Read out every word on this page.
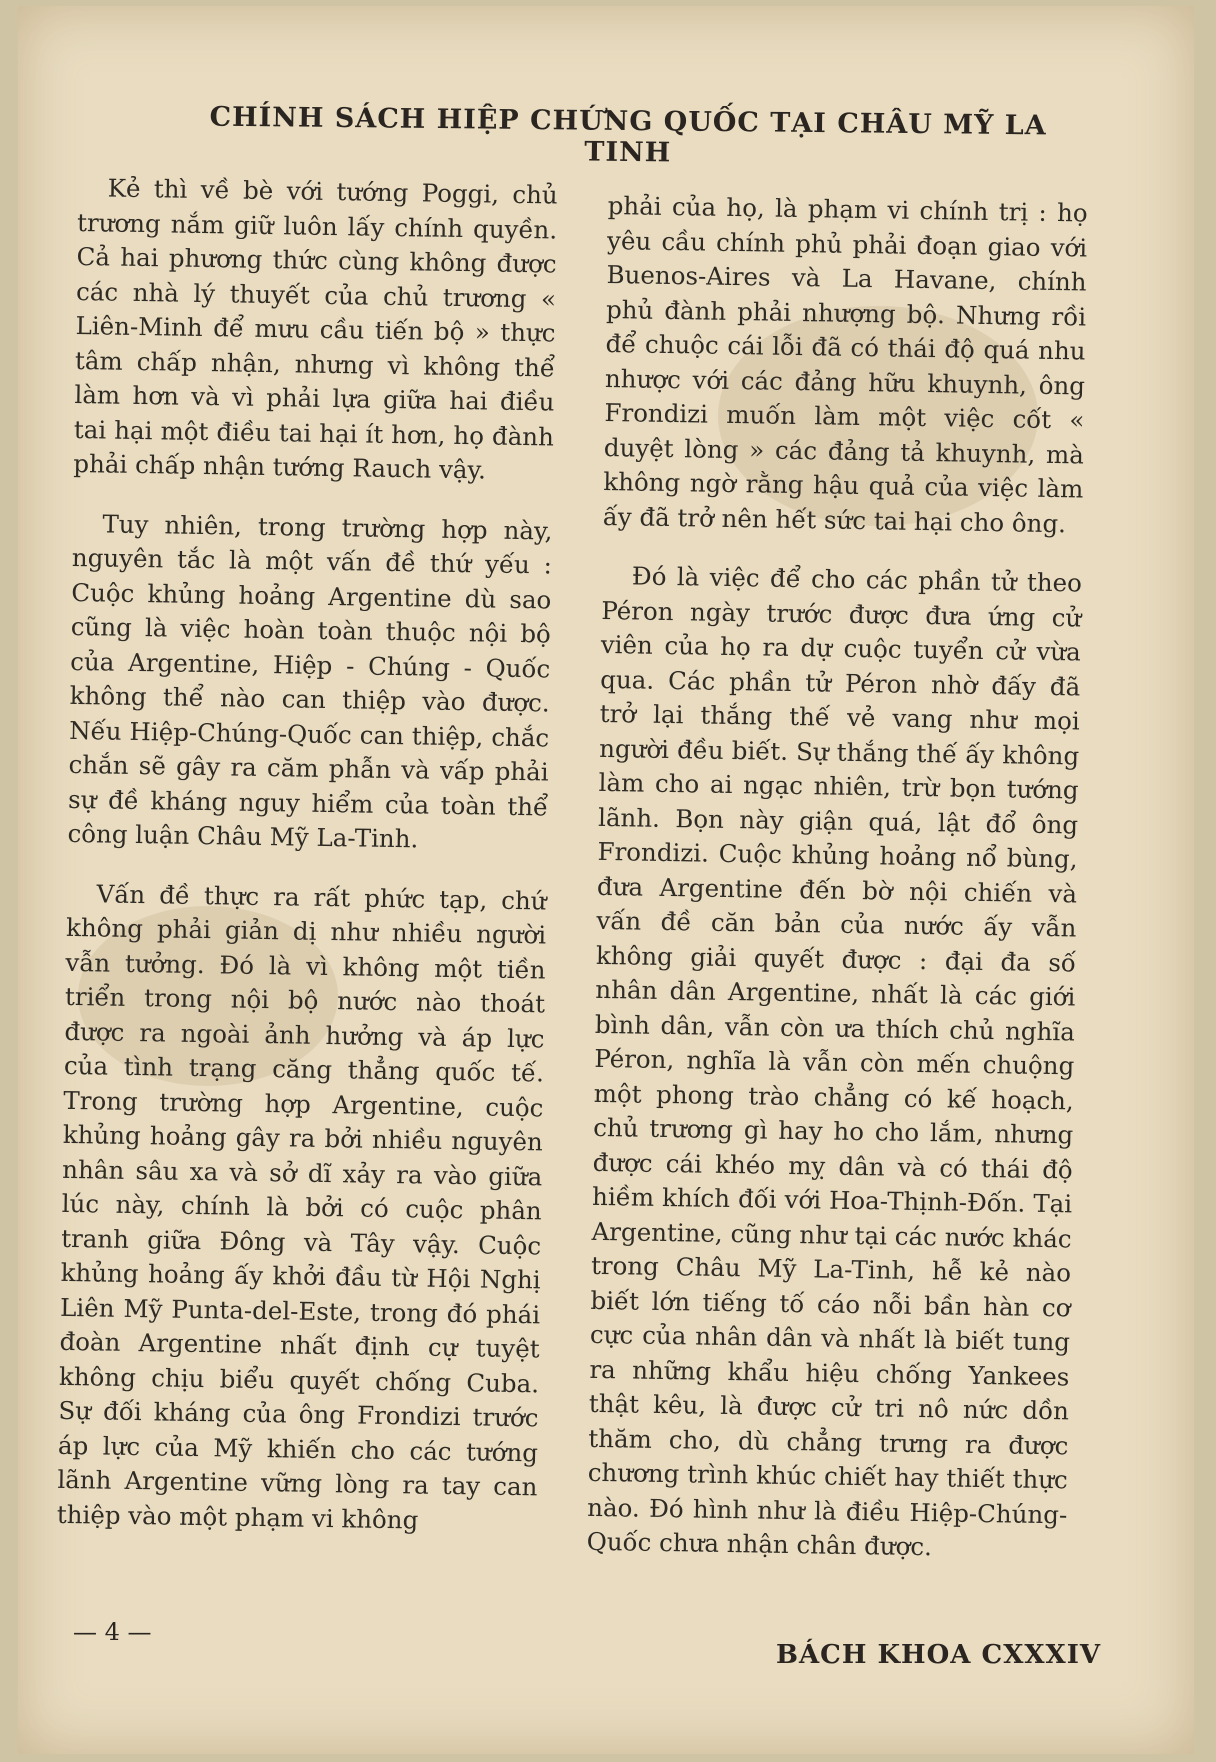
CHÍNH SÁCH HIỆP CHỨNG QUỐC TẠI CHÂU MỸ LA TINH

Kẻ thì về bè với tướng Poggi, chủ trương nắm giữ luôn lấy chính quyền. Cả hai phương thức cùng không được các nhà lý thuyết của chủ trương « Liên-Minh để mưu cầu tiến bộ » thực tâm chấp nhận, nhưng vì không thể làm hơn và vì phải lựa giữa hai điều tai hại một điều tai hại ít hơn, họ đành phải chấp nhận tướng Rauch vậy.

Tuy nhiên, trong trường hợp này, nguyên tắc là một vấn đề thứ yếu : Cuộc khủng hoảng Argentine dù sao cũng là việc hoàn toàn thuộc nội bộ của Argentine, Hiệp - Chúng - Quốc không thể nào can thiệp vào được. Nếu Hiệp-Chúng-Quốc can thiệp, chắc chắn sẽ gây ra căm phẫn và vấp phải sự đề kháng nguy hiểm của toàn thể công luận Châu Mỹ La-Tinh.

Vấn đề thực ra rất phức tạp, chứ không phải giản dị như nhiều người vẫn tưởng. Đó là vì không một tiền triển trong nội bộ nước nào thoát được ra ngoài ảnh hưởng và áp lực của tình trạng căng thẳng quốc tế. Trong trường hợp Argentine, cuộc khủng hoảng gây ra bởi nhiều nguyên nhân sâu xa và sở dĩ xảy ra vào giữa lúc này, chính là bởi có cuộc phân tranh giữa Đông và Tây vậy. Cuộc khủng hoảng ấy khởi đầu từ Hội Nghị Liên Mỹ Punta-del-Este, trong đó phái đoàn Argentine nhất định cự tuyệt không chịu biểu quyết chống Cuba. Sự đối kháng của ông Frondizi trước áp lực của Mỹ khiến cho các tướng lãnh Argentine vững lòng ra tay can thiệp vào một phạm vi không

phải của họ, là phạm vi chính trị : họ yêu cầu chính phủ phải đoạn giao với Buenos-Aires và La Havane, chính phủ đành phải nhượng bộ. Nhưng rồi để chuộc cái lỗi đã có thái độ quá nhu nhược với các đảng hữu khuynh, ông Frondizi muốn làm một việc cốt « duyệt lòng » các đảng tả khuynh, mà không ngờ rằng hậu quả của việc làm ấy đã trở nên hết sức tai hại cho ông.

Đó là việc để cho các phần tử theo Péron ngày trước được đưa ứng cử viên của họ ra dự cuộc tuyển cử vừa qua. Các phần tử Péron nhờ đấy đã trở lại thắng thế vẻ vang như mọi người đều biết. Sự thắng thế ấy không làm cho ai ngạc nhiên, trừ bọn tướng lãnh. Bọn này giận quá, lật đổ ông Frondizi. Cuộc khủng hoảng nổ bùng, đưa Argentine đến bờ nội chiến và vấn đề căn bản của nước ấy vẫn không giải quyết được : đại đa số nhân dân Argentine, nhất là các giới bình dân, vẫn còn ưa thích chủ nghĩa Péron, nghĩa là vẫn còn mến chuộng một phong trào chẳng có kế hoạch, chủ trương gì hay ho cho lắm, nhưng được cái khéo mỵ dân và có thái độ hiềm khích đối với Hoa-Thịnh-Đốn. Tại Argentine, cũng như tại các nước khác trong Châu Mỹ La-Tinh, hễ kẻ nào biết lớn tiếng tố cáo nỗi bần hàn cơ cực của nhân dân và nhất là biết tung ra những khẩu hiệu chống Yankees thật kêu, là được cử tri nô nức dồn thăm cho, dù chẳng trưng ra được chương trình khúc chiết hay thiết thực nào. Đó hình như là điều Hiệp-Chúng-Quốc chưa nhận chân được.

— 4 —
BÁCH KHOA CXXXIV
